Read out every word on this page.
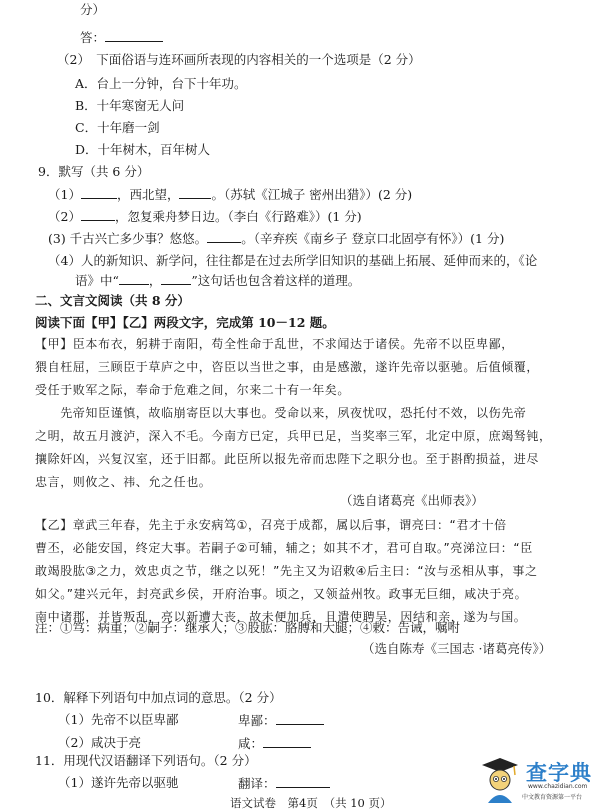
分）
答：
（2）　下面俗语与连环画所表现的内容相关的一个选项是（2 分）
A．台上一分钟，台下十年功。
B．十年寒窗无人问
C．十年磨一剑
D．十年树木，百年树人
9．默写（共 6 分）
（1）	，西北望，	。（苏轼《江城子 密州出猎》）(2 分)
（2）	，忽复乘舟梦日边。（李白《行路难》）(1 分)
(3) 千古兴亡多少事？悠悠。	。（辛弃疾《南乡子 登京口北固亭有怀》）(1 分)
（4）人的新知识、新学问，往往都是在过去所学旧知识的基础上拓展、延伸而来的，《论
语》中“ ， ”这句话也包含着这样的道理。
二、文言文阅读（共 8 分）
阅读下面【甲】【乙】两段文字，完成第 10－12 题。
【甲】臣本布衣，躬耕于南阳，苟全性命于乱世，不求闻达于诸侯。先帝不以臣卑鄙，
猥自枉屈，三顾臣于草庐之中，咨臣以当世之事，由是感激，遂许先帝以驱驰。后值倾覆，
受任于败军之际，奉命于危难之间，尔来二十有一年矣。
　　先帝知臣谨慎，故临崩寄臣以大事也。受命以来，夙夜忧叹，恐托付不效，以伤先帝
之明，故五月渡泸，深入不毛。今南方已定，兵甲已足，当奖率三军，北定中原，庶竭驽钝，
攘除奸凶，兴复汉室，还于旧都。此臣所以报先帝而忠陛下之职分也。至于斟酌损益，进尽
忠言，则攸之、祎、允之任也。
（选自诸葛亮《出师表》）
【乙】章武三年春，先主于永安病笃①，召亮于成都，属以后事，谓亮曰：“君才十倍
曹丕，必能安国，终定大事。若嗣子②可辅，辅之；如其不才，君可自取。”亮涕泣曰：“臣
敢竭股肱③之力，效忠贞之节，继之以死！”先主又为诏敕④后主曰：“汝与丞相从事，事之
如父。”建兴元年，封亮武乡侯，开府治事。顷之，又领益州牧。政事无巨细，咸决于亮。
南中诸郡，并皆叛乱，亮以新遭大丧，故未便加兵，且遣使聘吴，因结和亲，遂为与国。
注：①笃：病重；②嗣子：继承人；③股肱：胳膊和大腿；④敕：告诫，嘱咐
（选自陈寿《三国志 ·诸葛亮传》）
10．解释下列语句中加点词的意思。（2 分）
（1）先帝不以臣卑鄙	卑鄙：
（2）咸决于亮	咸：
11．用现代汉语翻译下列语句。（2 分）
（1）遂许先帝以驱驰	翻译：
语文试卷　第4页　（共 10 页）
查字典
www.chazidian.com
中文教育资源第一平台
